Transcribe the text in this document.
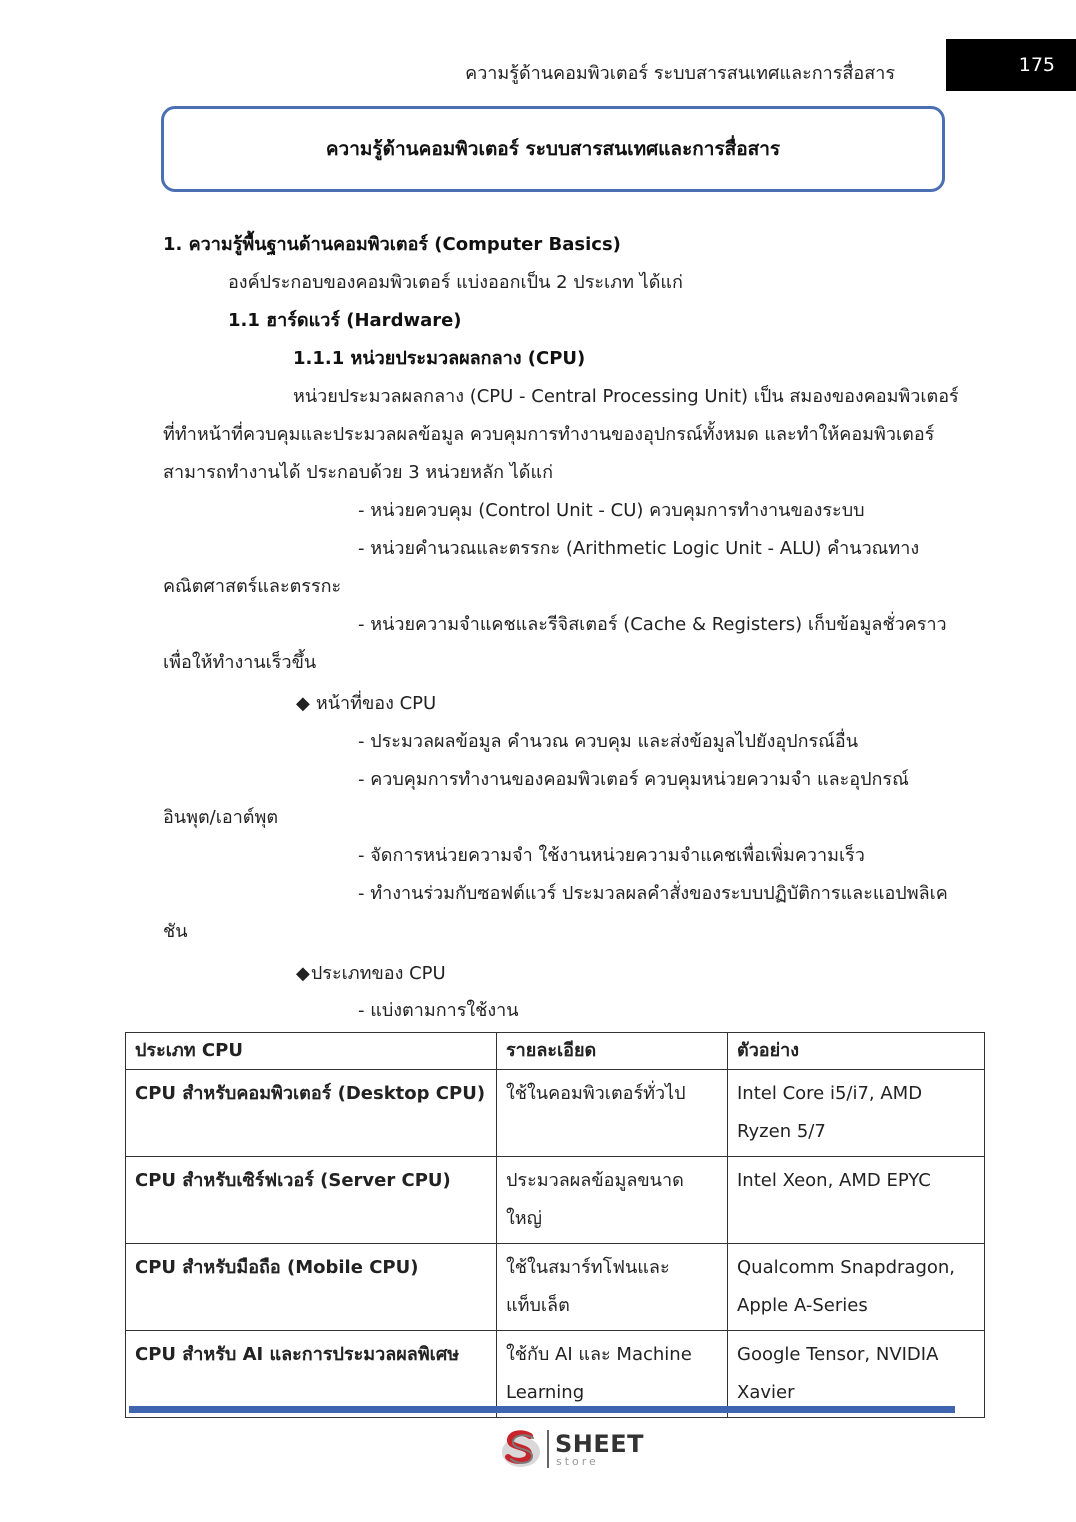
ความรู้ด้านคอมพิวเตอร์ ระบบสารสนเทศและการสื่อสาร	175
ความรู้ด้านคอมพิวเตอร์ ระบบสารสนเทศและการสื่อสาร
1. ความรู้พื้นฐานด้านคอมพิวเตอร์ (Computer Basics)
องค์ประกอบของคอมพิวเตอร์ แบ่งออกเป็น 2 ประเภท ได้แก่
1.1 ฮาร์ดแวร์ (Hardware)
1.1.1 หน่วยประมวลผลกลาง (CPU)
หน่วยประมวลผลกลาง (CPU - Central Processing Unit) เป็น สมองของคอมพิวเตอร์
ที่ทำหน้าที่ควบคุมและประมวลผลข้อมูล ควบคุมการทำงานของอุปกรณ์ทั้งหมด และทำให้คอมพิวเตอร์
สามารถทำงานได้ ประกอบด้วย 3 หน่วยหลัก ได้แก่
- หน่วยควบคุม (Control Unit - CU) ควบคุมการทำงานของระบบ
- หน่วยคำนวณและตรรกะ (Arithmetic Logic Unit - ALU) คำนวณทาง
คณิตศาสตร์และตรรกะ
- หน่วยความจำแคชและรีจิสเตอร์ (Cache & Registers) เก็บข้อมูลชั่วคราว
เพื่อให้ทำงานเร็วขึ้น
◆ หน้าที่ของ CPU
- ประมวลผลข้อมูล คำนวณ ควบคุม และส่งข้อมูลไปยังอุปกรณ์อื่น
- ควบคุมการทำงานของคอมพิวเตอร์ ควบคุมหน่วยความจำ และอุปกรณ์
อินพุต/เอาต์พุต
- จัดการหน่วยความจำ ใช้งานหน่วยความจำแคชเพื่อเพิ่มความเร็ว
- ทำงานร่วมกับซอฟต์แวร์ ประมวลผลคำสั่งของระบบปฏิบัติการและแอปพลิเค
ชัน
◆ประเภทของ CPU
- แบ่งตามการใช้งาน
ประเภท CPU	รายละเอียด	ตัวอย่าง
CPU สำหรับคอมพิวเตอร์ (Desktop CPU)	ใช้ในคอมพิวเตอร์ทั่วไป	Intel Core i5/i7, AMD Ryzen 5/7
CPU สำหรับเซิร์ฟเวอร์ (Server CPU)	ประมวลผลข้อมูลขนาดใหญ่	Intel Xeon, AMD EPYC
CPU สำหรับมือถือ (Mobile CPU)	ใช้ในสมาร์ทโฟนและแท็บเล็ต	Qualcomm Snapdragon, Apple A-Series
CPU สำหรับ AI และการประมวลผลพิเศษ	ใช้กับ AI และ Machine Learning	Google Tensor, NVIDIA Xavier
SHEET
store
